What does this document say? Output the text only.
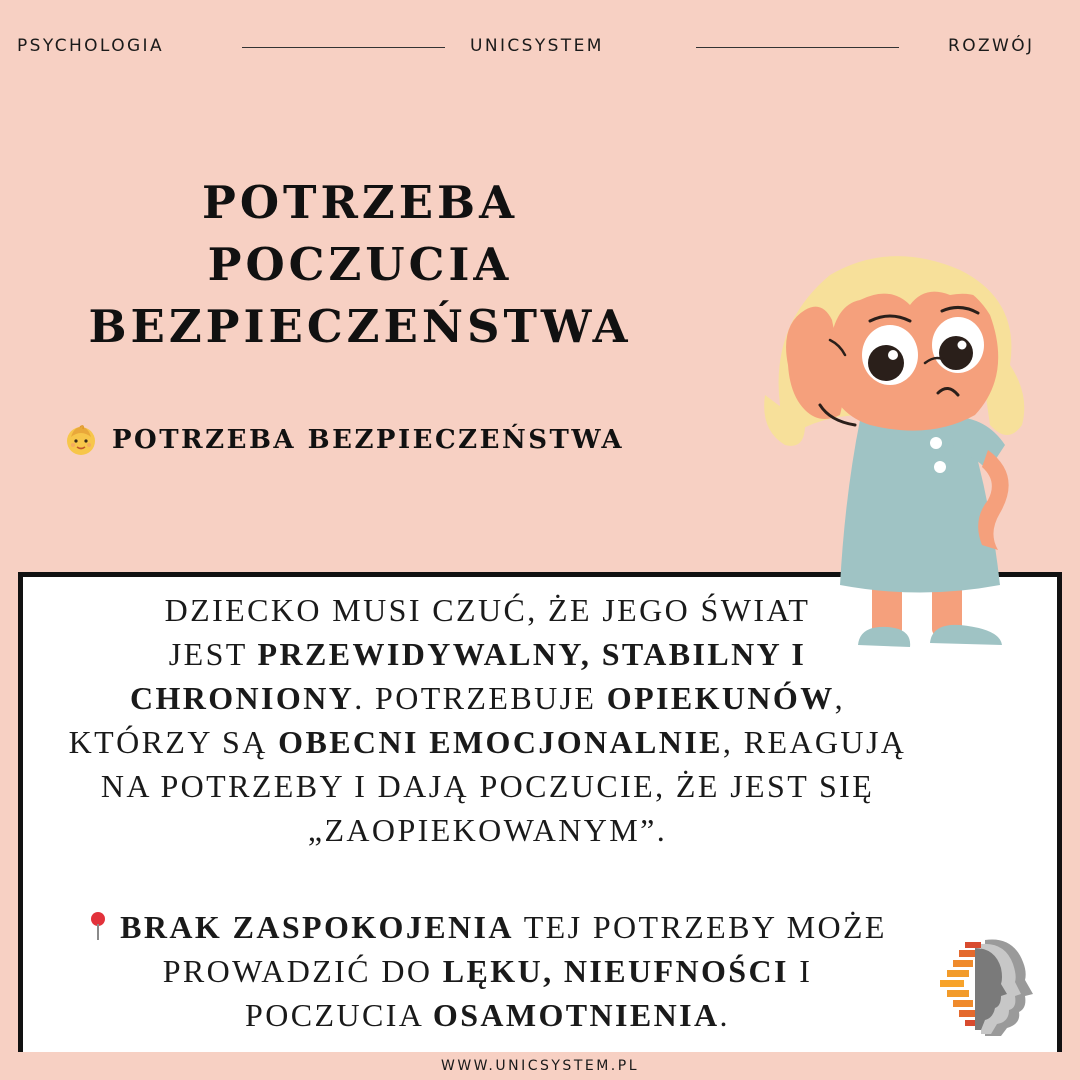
PSYCHOLOGIA	UNICSYSTEM	ROZWÓJ
POTRZEBA
POCZUCIA
BEZPIECZEŃSTWA
POTRZEBA BEZPIECZEŃSTWA
DZIECKO MUSI CZUĆ, ŻE JEGO ŚWIAT
JEST PRZEWIDYWALNY, STABILNY I
CHRONIONY. POTRZEBUJE OPIEKUNÓW,
KTÓRZY SĄ OBECNI EMOCJONALNIE, REAGUJĄ
NA POTRZEBY I DAJĄ POCZUCIE, ŻE JEST SIĘ
„ZAOPIEKOWANYM”.
BRAK ZASPOKOJENIA TEJ POTRZEBY MOŻE
PROWADZIĆ DO LĘKU, NIEUFNOŚCI I
POCZUCIA OSAMOTNIENIA.
WWW.UNICSYSTEM.PL
